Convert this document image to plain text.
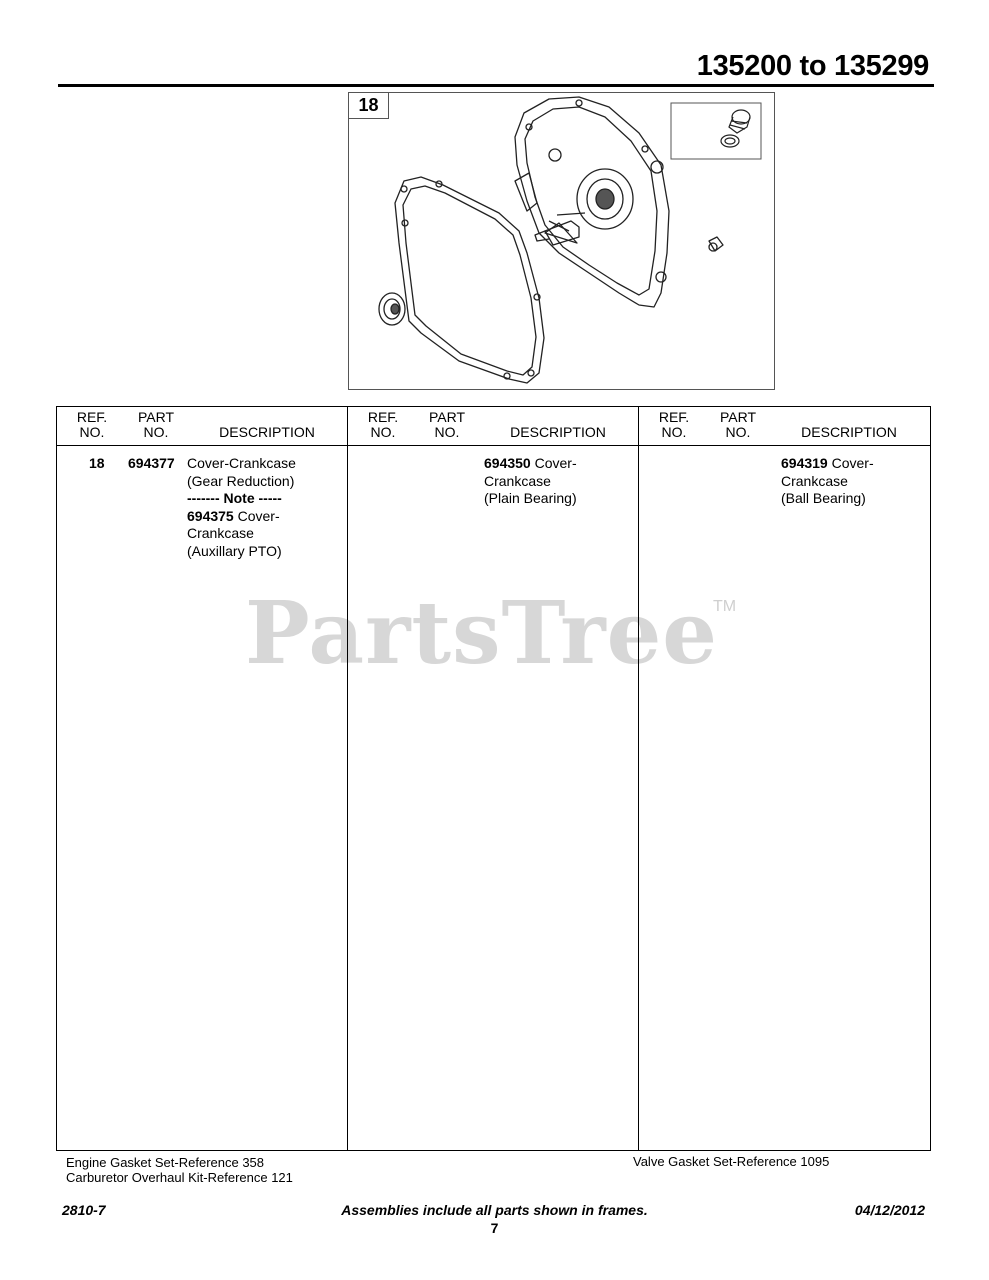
135200 to 135299
18
PartsTree
TM
REF.
NO.
PART
NO.	DESCRIPTION
18 694377 Cover-Crankcase
(Gear Reduction)
------- Note -----
694375 Cover-
Crankcase
(Auxillary PTO)
REF.
NO.
PART
NO.	DESCRIPTION
694350 Cover-
Crankcase
(Plain Bearing)
REF.
NO.
PART
NO.	DESCRIPTION
694319 Cover-
Crankcase
(Ball Bearing)
Engine Gasket Set-Reference 358
Carburetor Overhaul Kit-Reference 121
Valve Gasket Set-Reference 1095
2810-7	Assemblies include all parts shown in frames.	04/12/2012
7
